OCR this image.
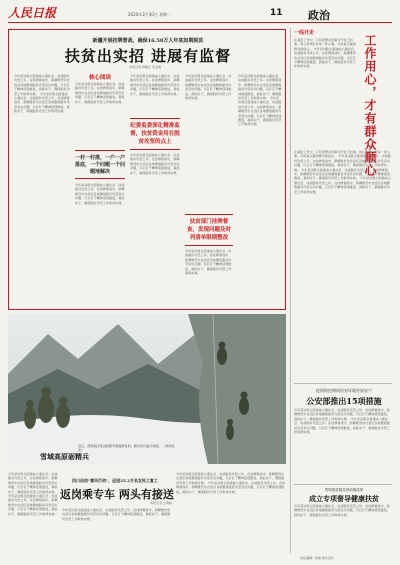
人民日报	2020年3月30日 星期一	11 政治
新疆开展挂牌督战，确保16.58万人年底如期脱贫
扶贫出实招 进展有监督
本报记者 韩维正 李亚楠
今年是决胜全面建成小康社会、决战脱贫攻坚之年。在挂牌督战中，新疆维吾尔自治区各地聚焦脱贫攻坚突出问题，以钉钉子精神逐项推进，真抓实干，确保脱贫攻坚工作取得实效。 今年是决胜全面建成小康社会、决战脱贫攻坚之年。在挂牌督战中，新疆维吾尔自治区各地聚焦脱贫攻坚突出问题，以钉钉子精神逐项推进，真抓实干，确保脱贫攻坚工作取得实效。
核心阅读
今年是决胜全面建成小康社会、决战脱贫攻坚之年。在挂牌督战中，新疆维吾尔自治区各地聚焦脱贫攻坚突出问题，以钉钉子精神逐项推进，真抓实干，确保脱贫攻坚工作取得实效。
一村一村推，一户一户落底，一个问题一个问题地解决
今年是决胜全面建成小康社会、决战脱贫攻坚之年。在挂牌督战中，新疆维吾尔自治区各地聚焦脱贫攻坚突出问题，以钉钉子精神逐项推进，真抓实干，确保脱贫攻坚工作取得实效。
今年是决胜全面建成小康社会、决战脱贫攻坚之年。在挂牌督战中，新疆维吾尔自治区各地聚焦脱贫攻坚突出问题，以钉钉子精神逐项推进，真抓实干，确保脱贫攻坚工作取得实效。
纪委监委深化精准监督，扶贫资金用在脱贫攻坚的点上
今年是决胜全面建成小康社会、决战脱贫攻坚之年。在挂牌督战中，新疆维吾尔自治区各地聚焦脱贫攻坚突出问题，以钉钉子精神逐项推进，真抓实干，确保脱贫攻坚工作取得实效。
今年是决胜全面建成小康社会、决战脱贫攻坚之年。在挂牌督战中，新疆维吾尔自治区各地聚焦脱贫攻坚突出问题，以钉钉子精神逐项推进，真抓实干，确保脱贫攻坚工作取得实效。
扶贫部门挂牌督查，发现问题及时列清单限期整改
今年是决胜全面建成小康社会、决战脱贫攻坚之年。在挂牌督战中，新疆维吾尔自治区各地聚焦脱贫攻坚突出问题，以钉钉子精神逐项推进，真抓实干，确保脱贫攻坚工作取得实效。
今年是决胜全面建成小康社会、决战脱贫攻坚之年。在挂牌督战中，新疆维吾尔自治区各地聚焦脱贫攻坚突出问题，以钉钉子精神逐项推进，真抓实干，确保脱贫攻坚工作取得实效。 今年是决胜全面建成小康社会、决战脱贫攻坚之年。在挂牌督战中，新疆维吾尔自治区各地聚焦脱贫攻坚突出问题，以钉钉子精神逐项推进，真抓实干，确保脱贫攻坚工作取得实效。
近日，西部战区某边防团开展高原驻训。图为官兵进行训练。 （新华社发）
雪域高原砺精兵
今年是决胜全面建成小康社会、决战脱贫攻坚之年。在挂牌督战中，新疆维吾尔自治区各地聚焦脱贫攻坚突出问题，以钉钉子精神逐项推进，真抓实干，确保脱贫攻坚工作取得实效。 今年是决胜全面建成小康社会、决战脱贫攻坚之年。在挂牌督战中，新疆维吾尔自治区各地聚焦脱贫攻坚突出问题，以钉钉子精神逐项推进，真抓实干，确保脱贫攻坚工作取得实效。
四川启动"春风行动"，运送35.2万名农民工复工
返岗乘专车 两头有接送
本报记者 王明峰
今年是决胜全面建成小康社会、决战脱贫攻坚之年。在挂牌督战中，新疆维吾尔自治区各地聚焦脱贫攻坚突出问题，以钉钉子精神逐项推进，真抓实干，确保脱贫攻坚工作取得实效。
今年是决胜全面建成小康社会、决战脱贫攻坚之年。在挂牌督战中，新疆维吾尔自治区各地聚焦脱贫攻坚突出问题，以钉钉子精神逐项推进，真抓实干，确保脱贫攻坚工作取得实效。 今年是决胜全面建成小康社会、决战脱贫攻坚之年。在挂牌督战中，新疆维吾尔自治区各地聚焦脱贫攻坚突出问题，以钉钉子精神逐项推进，真抓实干，确保脱贫攻坚工作取得实效。
一线开走
工作用心，才有群众顺心
在基层工作中，只有把群众的事当作自己的事，用心用情办好每一件小事，才能真正赢得群众的信任。 今年是决胜全面建成小康社会、决战脱贫攻坚之年。在挂牌督战中，新疆维吾尔自治区各地聚焦脱贫攻坚突出问题，以钉钉子精神逐项推进，真抓实干，确保脱贫攻坚工作取得实效。
在基层工作中，只有把群众的事当作自己的事，用心用情办好每一件小事，才能真正赢得群众的信任。 今年是决胜全面建成小康社会、决战脱贫攻坚之年。在挂牌督战中，新疆维吾尔自治区各地聚焦脱贫攻坚突出问题，以钉钉子精神逐项推进，真抓实干，确保脱贫攻坚工作取得实效。 今年是决胜全面建成小康社会、决战脱贫攻坚之年。在挂牌督战中，新疆维吾尔自治区各地聚焦脱贫攻坚突出问题，以钉钉子精神逐项推进，真抓实干，确保脱贫攻坚工作取得实效。 今年是决胜全面建成小康社会、决战脱贫攻坚之年。在挂牌督战中，新疆维吾尔自治区各地聚焦脱贫攻坚突出问题，以钉钉子精神逐项推进，真抓实干，确保脱贫攻坚工作取得实效。
疫情防控期间治安环境更加安宁
公安部推出15项措施
今年是决胜全面建成小康社会、决战脱贫攻坚之年。在挂牌督战中，新疆维吾尔自治区各地聚焦脱贫攻坚突出问题，以钉钉子精神逐项推进，真抓实干，确保脱贫攻坚工作取得实效。 今年是决胜全面建成小康社会、决战脱贫攻坚之年。在挂牌督战中，新疆维吾尔自治区各地聚焦脱贫攻坚突出问题，以钉钉子精神逐项推进，真抓实干，确保脱贫攻坚工作取得实效。
贯彻推进服务供给侧改革
成立专项督导健康扶贫
今年是决胜全面建成小康社会、决战脱贫攻坚之年。在挂牌督战中，新疆维吾尔自治区各地聚焦脱贫攻坚突出问题，以钉钉子精神逐项推进，真抓实干，确保脱贫攻坚工作取得实效。
责任编辑：彭俊 版式设计
